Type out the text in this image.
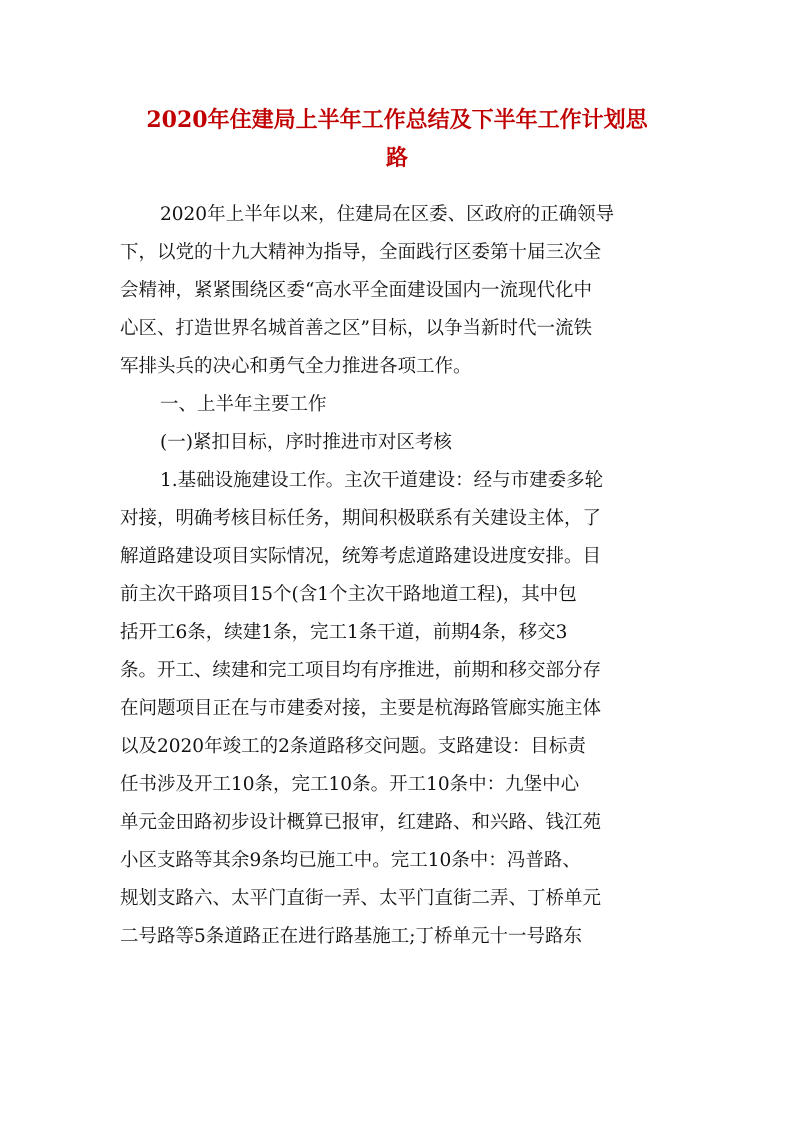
2020年住建局上半年工作总结及下半年工作计划思
路
2020年上半年以来，住建局在区委、区政府的正确领导
下，以党的十九大精神为指导，全面践行区委第十届三次全
会精神，紧紧围绕区委“高水平全面建设国内一流现代化中
心区、打造世界名城首善之区”目标，以争当新时代一流铁
军排头兵的决心和勇气全力推进各项工作。
一、上半年主要工作
(一)紧扣目标，序时推进市对区考核
1.基础设施建设工作。主次干道建设：经与市建委多轮
对接，明确考核目标任务，期间积极联系有关建设主体，了
解道路建设项目实际情况，统筹考虑道路建设进度安排。目
前主次干路项目15个(含1个主次干路地道工程)，其中包
括开工6条，续建1条，完工1条干道，前期4条，移交3
条。开工、续建和完工项目均有序推进，前期和移交部分存
在问题项目正在与市建委对接，主要是杭海路管廊实施主体
以及2020年竣工的2条道路移交问题。支路建设：目标责
任书涉及开工10条，完工10条。开工10条中：九堡中心
单元金田路初步设计概算已报审，红建路、和兴路、钱江苑
小区支路等其余9条均已施工中。完工10条中：冯普路、
规划支路六、太平门直街一弄、太平门直街二弄、丁桥单元
二号路等5条道路正在进行路基施工;丁桥单元十一号路东
